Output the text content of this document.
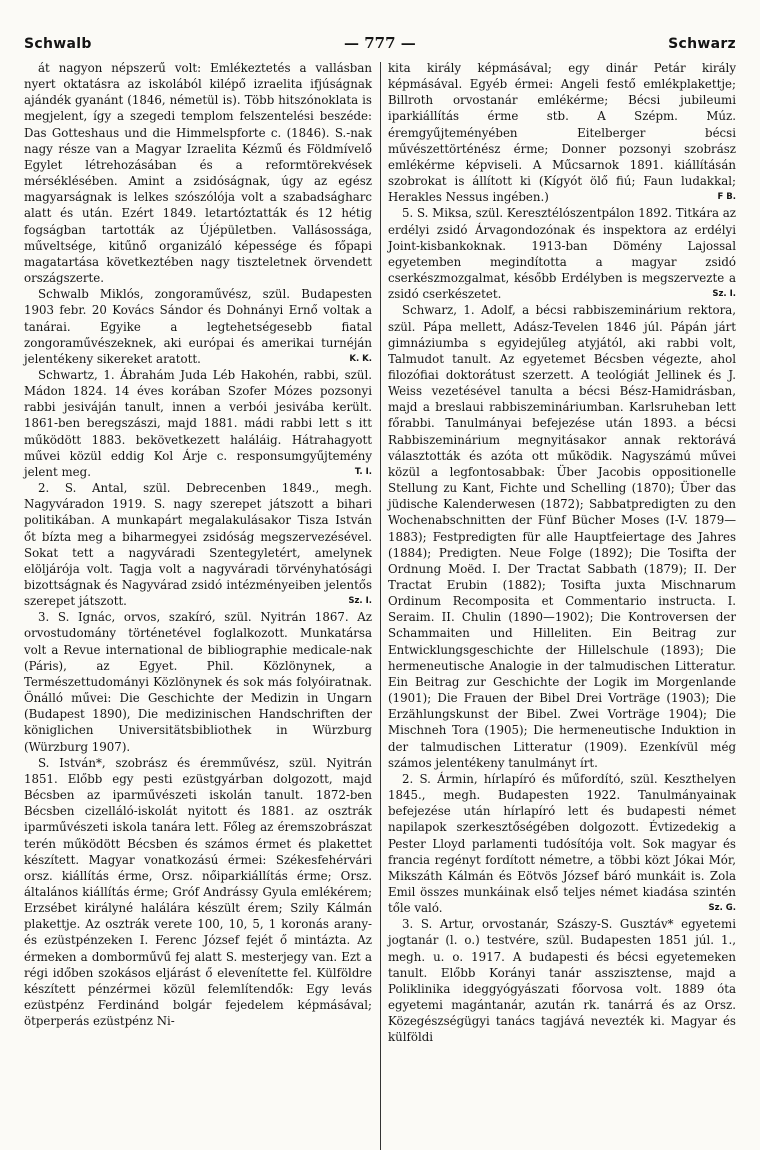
Schwalb	— 777 —	Schwarz

át nagyon népszerű volt: Emlékeztetés a vallásban nyert oktatásra az iskolából kilépő izraelita ifjúságnak ajándék gyanánt (1846, németül is). Több hitszónoklata is megjelent, így a szegedi templom felszentelési beszéde: Das Gotteshaus und die Himmelspforte c. (1846). S.-nak nagy része van a Magyar Izraelita Kézmű és Földmívelő Egylet létrehozásában és a reformtörekvések mérséklésében. Amint a zsidóságnak, úgy az egész magyarságnak is lelkes szószólója volt a szabadságharc alatt és után. Ezért 1849. letartóztatták és 12 hétig fogságban tartották az Újépületben. Vallásossága, műveltsége, kitűnő organizáló képessége és főpapi magatartása következtében nagy tiszteletnek örvendett országszerte.

Schwalb Miklós, zongoraművész, szül. Budapesten 1903 febr. 20 Kovács Sándor és Dohnányi Ernő voltak a tanárai. Egyike a legtehetségesebb fiatal zongoraművészeknek, aki európai és amerikai turnéján jelentékeny sikereket aratott.	K. K.

Schwartz, 1. Ábrahám Juda Léb Hakohén, rabbi, szül. Mádon 1824. 14 éves korában Szofer Mózes pozsonyi rabbi jesiváján tanult, innen a verbói jesivába került. 1861-ben beregszászi, majd 1881. mádi rabbi lett s itt működött 1883. bekövetkezett haláláig. Hátrahagyott művei közül eddig Kol Árje c. responsumgyűjtemény jelent meg.	T. I.

2. S. Antal, szül. Debrecenben 1849., megh. Nagyváradon 1919. S. nagy szerepet játszott a bihari politikában. A munkapárt megalakulásakor Tisza István őt bízta meg a biharmegyei zsidóság megszervezésével. Sokat tett a nagyváradi Szentegyletért, amelynek elöljárója volt. Tagja volt a nagyváradi törvényhatósági bizottságnak és Nagyvárad zsidó intézményeiben jelentős szerepet játszott.	Sz. I.

3. S. Ignác, orvos, szakíró, szül. Nyitrán 1867. Az orvostudomány történetével foglalkozott. Munkatársa volt a Revue international de bibliographie medicale-nak (Páris), az Egyet. Phil. Közlönynek, a Természettudományi Közlönynek és sok más folyóiratnak. Önálló művei: Die Geschichte der Medizin in Ungarn (Budapest 1890), Die medizinischen Handschriften der königlichen Universitätsbibliothek in Würzburg (Würzburg 1907).

S. István*, szobrász és éremművész, szül. Nyitrán 1851. Előbb egy pesti ezüstgyárban dolgozott, majd Bécsben az iparművészeti iskolán tanult. 1872-ben Bécsben cizelláló-iskolát nyitott és 1881. az osztrák iparművészeti iskola tanára lett. Főleg az éremszobrászat terén működött Bécsben és számos érmet és plakettet készített. Magyar vonatkozású érmei: Székesfehérvári orsz. kiállítás érme, Orsz. nőiparkiállítás érme; Orsz. általános kiállítás érme; Gróf Andrássy Gyula emlékérem; Erzsébet királyné halálára készült érem; Szily Kálmán plakettje. Az osztrák verete 100, 10, 5, 1 koronás arany- és ezüstpénzeken I. Ferenc József fejét ő mintázta. Az érmeken a domborművű fej alatt S. mesterjegy van. Ezt a régi időben szokásos eljárást ő elevenítette fel. Külföldre készített pénzérmei közül felemlítendők: Egy levás ezüstpénz Ferdinánd bolgár fejedelem képmásával; ötperperás ezüstpénz Ni-

kita király képmásával; egy dinár Petár király képmásával. Egyéb érmei: Angeli festő emlékplakettje; Billroth orvostanár emlékérme; Bécsi jubileumi iparkiállítás érme stb. A Szépm. Múz. éremgyűjteményében Eitelberger bécsi művészettörténész érme; Donner pozsonyi szobrász emlékérme képviseli. A Műcsarnok 1891. kiállításán szobrokat is állított ki (Kígyót ölő fiú; Faun ludakkal; Herakles Nessus ingében.)	F B.

5. S. Miksa, szül. Keresztélószentpálon 1892. Titkára az erdélyi zsidó Árvagondozónak és inspektora az erdélyi Joint-kisbankoknak. 1913-ban Dömény Lajossal egyetemben megindította a magyar zsidó cserkészmozgalmat, később Erdélyben is megszervezte a zsidó cserkészetet.	Sz. I.

Schwarz, 1. Adolf, a bécsi rabbiszeminárium rektora, szül. Pápa mellett, Adász-Tevelen 1846 júl. Pápán járt gimnáziumba s egyidejűleg atyjától, aki rabbi volt, Talmudot tanult. Az egyetemet Bécsben végezte, ahol filozófiai doktorátust szerzett. A teológiát Jellinek és J. Weiss vezetésével tanulta a bécsi Bész-Hamidrásban, majd a breslaui rabbiszemináriumban. Karlsruheban lett főrabbi. Tanulmányai befejezése után 1893. a bécsi Rabbiszeminárium megnyitásakor annak rektorává választották és azóta ott működik. Nagyszámú művei közül a legfontosabbak: Über Jacobis oppositionelle Stellung zu Kant, Fichte und Schelling (1870); Über das jüdische Kalenderwesen (1872); Sabbatpredigten zu den Wochenabschnitten der Fünf Bücher Moses (I-V. 1879—1883); Festpredigten für alle Hauptfeiertage des Jahres (1884); Predigten. Neue Folge (1892); Die Tosifta der Ordnung Moëd. I. Der Tractat Sabbath (1879); II. Der Tractat Erubin (1882); Tosifta juxta Mischnarum Ordinum Recomposita et Commentario instructa. I. Seraim. II. Chulin (1890—1902); Die Kontroversen der Schammaiten und Hilleliten. Ein Beitrag zur Entwicklungsgeschichte der Hillelschule (1893); Die hermeneutische Analogie in der talmudischen Litteratur. Ein Beitrag zur Geschichte der Logik im Morgenlande (1901); Die Frauen der Bibel Drei Vorträge (1903); Die Erzählungskunst der Bibel. Zwei Vorträge 1904); Die Mischneh Tora (1905); Die hermeneutische Induktion in der talmudischen Litteratur (1909). Ezenkívül még számos jelentékeny tanulmányt írt.

2. S. Ármin, hírlapíró és műfordító, szül. Keszthelyen 1845., megh. Budapesten 1922. Tanulmányainak befejezése után hírlapíró lett és budapesti német napilapok szerkesztőségében dolgozott. Évtizedekig a Pester Lloyd parlamenti tudósítója volt. Sok magyar és francia regényt fordított németre, a többi közt Jókai Mór, Mikszáth Kálmán és Eötvös József báró munkáit is. Zola Emil összes munkáinak első teljes német kiadása szintén tőle való.	Sz. G.

3. S. Artur, orvostanár, Szászy-S. Gusztáv* egyetemi jogtanár (l. o.) testvére, szül. Budapesten 1851 júl. 1., megh. u. o. 1917. A budapesti és bécsi egyetemeken tanult. Előbb Korányi tanár asszisztense, majd a Poliklinika ideggyógyászati főorvosa volt. 1889 óta egyetemi magántanár, azután rk. tanárrá és az Orsz. Közegészségügyi tanács tagjává nevezték ki. Magyar és külföldi
